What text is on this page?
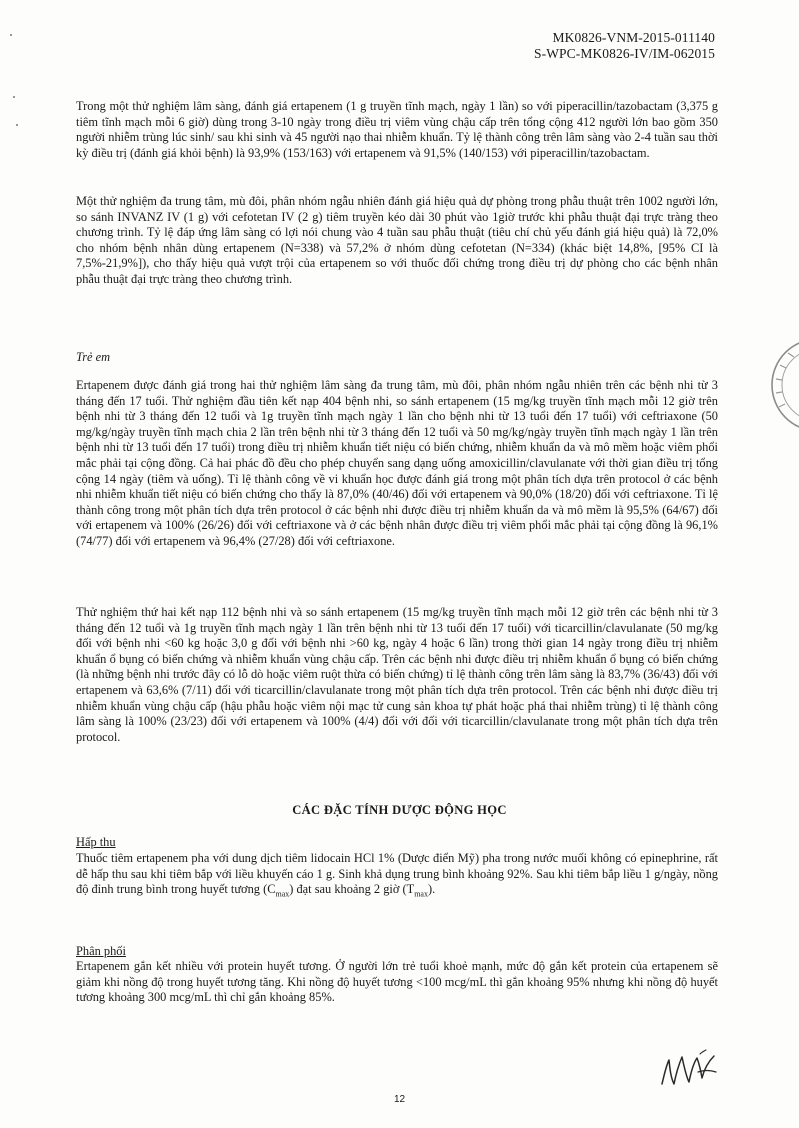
MK0826-VNM-2015-011140
S-WPC-MK0826-IV/IM-062015
Trong một thử nghiệm lâm sàng, đánh giá ertapenem (1 g truyền tĩnh mạch, ngày 1 lần) so với piperacillin/tazobactam (3,375 g tiêm tĩnh mạch mỗi 6 giờ) dùng trong 3-10 ngày trong điều trị viêm vùng chậu cấp trên tổng cộng 412 người lớn bao gồm 350 người nhiễm trùng lúc sinh/ sau khi sinh và 45 người nạo thai nhiễm khuẩn. Tỷ lệ thành công trên lâm sàng vào 2-4 tuần sau thời kỳ điều trị (đánh giá khỏi bệnh) là 93,9% (153/163) với ertapenem và 91,5% (140/153) với piperacillin/tazobactam.
Một thử nghiệm đa trung tâm, mù đôi, phân nhóm ngẫu nhiên đánh giá hiệu quả dự phòng trong phẫu thuật trên 1002 người lớn, so sánh INVANZ IV (1 g) với cefotetan IV (2 g) tiêm truyền kéo dài 30 phút vào 1giờ trước khi phẫu thuật đại trực tràng theo chương trình. Tỷ lệ đáp ứng lâm sàng có lợi nói chung vào 4 tuần sau phẫu thuật (tiêu chí chủ yếu đánh giá hiệu quả) là 72,0% cho nhóm bệnh nhân dùng ertapenem (N=338) và 57,2% ở nhóm dùng cefotetan (N=334) (khác biệt 14,8%, [95% CI là 7,5%-21,9%]), cho thấy hiệu quả vượt trội của ertapenem so với thuốc đối chứng trong điều trị dự phòng cho các bệnh nhân phẫu thuật đại trực tràng theo chương trình.
Trẻ em
Ertapenem được đánh giá trong hai thử nghiệm lâm sàng đa trung tâm, mù đôi, phân nhóm ngẫu nhiên trên các bệnh nhi từ 3 tháng đến 17 tuổi. Thử nghiệm đầu tiên kết nạp 404 bệnh nhi, so sánh ertapenem (15 mg/kg truyền tĩnh mạch mỗi 12 giờ trên bệnh nhi từ 3 tháng đến 12 tuổi và 1g truyền tĩnh mạch ngày 1 lần cho bệnh nhi từ 13 tuổi đến 17 tuổi) với ceftriaxone (50 mg/kg/ngày truyền tĩnh mạch chia 2 lần trên bệnh nhi từ 3 tháng đến 12 tuổi và 50 mg/kg/ngày truyền tĩnh mạch ngày 1 lần trên bệnh nhi từ 13 tuổi đến 17 tuổi) trong điều trị nhiễm khuẩn tiết niệu có biến chứng, nhiễm khuẩn da và mô mềm hoặc viêm phổi mắc phải tại cộng đồng. Cả hai phác đồ đều cho phép chuyển sang dạng uống amoxicillin/clavulanate với thời gian điều trị tổng cộng 14 ngày (tiêm và uống). Tỉ lệ thành công về vi khuẩn học được đánh giá trong một phân tích dựa trên protocol ở các bệnh nhi nhiễm khuẩn tiết niệu có biến chứng cho thấy là 87,0% (40/46) đối với ertapenem và 90,0% (18/20) đối với ceftriaxone. Tỉ lệ thành công trong một phân tích dựa trên protocol ở các bệnh nhi được điều trị nhiễm khuẩn da và mô mềm là 95,5% (64/67) đối với ertapenem và 100% (26/26) đối với ceftriaxone và ở các bệnh nhân được điều trị viêm phổi mắc phải tại cộng đồng là 96,1% (74/77) đối với ertapenem và 96,4% (27/28) đối với ceftriaxone.
Thử nghiệm thứ hai kết nạp 112 bệnh nhi và so sánh ertapenem (15 mg/kg truyền tĩnh mạch mỗi 12 giờ trên các bệnh nhi từ 3 tháng đến 12 tuổi và 1g truyền tĩnh mạch ngày 1 lần trên bệnh nhi từ 13 tuổi đến 17 tuổi) với ticarcillin/clavulanate (50 mg/kg đối với bệnh nhi <60 kg hoặc 3,0 g đối với bệnh nhi >60 kg, ngày 4 hoặc 6 lần) trong thời gian 14 ngày trong điều trị nhiễm khuẩn ổ bụng có biến chứng và nhiễm khuẩn vùng chậu cấp. Trên các bệnh nhi được điều trị nhiễm khuẩn ổ bụng có biến chứng (là những bệnh nhi trước đây có lỗ dò hoặc viêm ruột thừa có biến chứng) tỉ lệ thành công trên lâm sàng là 83,7% (36/43) đối với ertapenem và 63,6% (7/11) đối với ticarcillin/clavulanate trong một phân tích dựa trên protocol. Trên các bệnh nhi được điều trị nhiễm khuẩn vùng chậu cấp (hậu phẫu hoặc viêm nội mạc tử cung sản khoa tự phát hoặc phá thai nhiễm trùng) tỉ lệ thành công lâm sàng là 100% (23/23) đối với ertapenem và 100% (4/4) đối với đối với ticarcillin/clavulanate trong một phân tích dựa trên protocol.
CÁC ĐẶC TÍNH DƯỢC ĐỘNG HỌC
Hấp thu
Thuốc tiêm ertapenem pha với dung dịch tiêm lidocain HCl 1% (Dược điển Mỹ) pha trong nước muối không có epinephrine, rất dễ hấp thu sau khi tiêm bắp với liều khuyến cáo 1 g. Sinh khả dụng trung bình khoảng 92%. Sau khi tiêm bắp liều 1 g/ngày, nồng độ đỉnh trung bình trong huyết tương $(C_{max})$ đạt sau khoảng 2 giờ $(T_{max})$.
Phân phối
Ertapenem gắn kết nhiều với protein huyết tương. Ở người lớn trẻ tuổi khoẻ mạnh, mức độ gắn kết protein của ertapenem sẽ giảm khi nồng độ trong huyết tương tăng. Khi nồng độ huyết tương <100 mcg/mL thì gắn khoảng 95% nhưng khi nồng độ huyết tương khoảng 300 mcg/mL thì chỉ gắn khoảng 85%.
12
